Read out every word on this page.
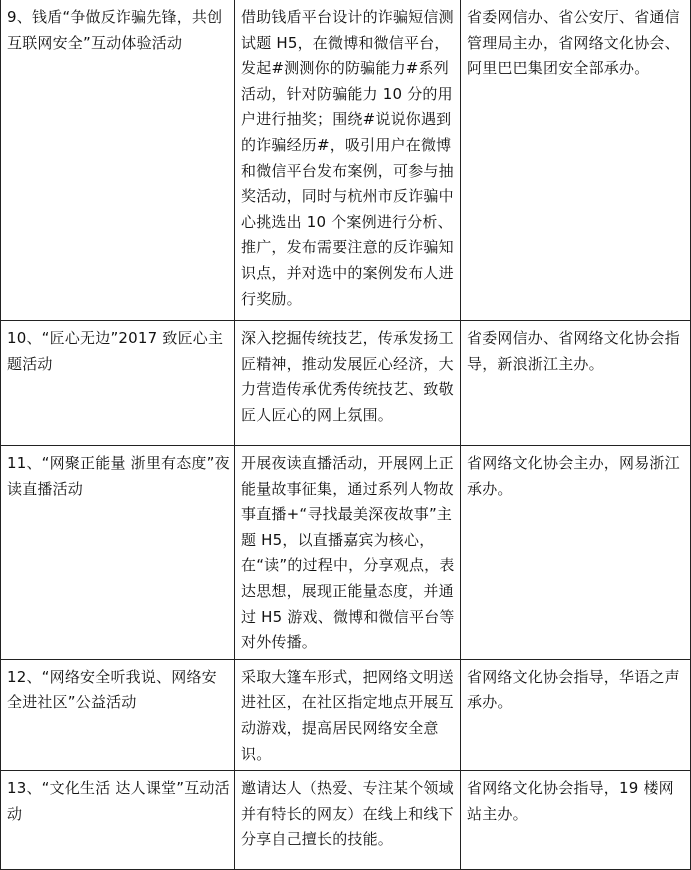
9、钱盾“争做反诈骗先锋，共创互联网安全”互动体验活动	借助钱盾平台设计的诈骗短信测试题 H5，在微博和微信平台，发起#测测你的防骗能力#系列活动，针对防骗能力 10 分的用户进行抽奖；围绕#说说你遇到的诈骗经历#，吸引用户在微博和微信平台发布案例，可参与抽奖活动，同时与杭州市反诈骗中心挑选出 10 个案例进行分析、推广，发布需要注意的反诈骗知识点，并对选中的案例发布人进行奖励。	省委网信办、省公安厅、省通信管理局主办，省网络文化协会、阿里巴巴集团安全部承办。
10、“匠心无边”2017 致匠心主题活动	深入挖掘传统技艺，传承发扬工匠精神，推动发展匠心经济，大力营造传承优秀传统技艺、致敬匠人匠心的网上氛围。	省委网信办、省网络文化协会指导，新浪浙江主办。
11、“网聚正能量 浙里有态度”夜读直播活动	开展夜读直播活动，开展网上正能量故事征集，通过系列人物故事直播+“寻找最美深夜故事”主题 H5，以直播嘉宾为核心，在“读”的过程中，分享观点，表达思想，展现正能量态度，并通过 H5 游戏、微博和微信平台等对外传播。	省网络文化协会主办，网易浙江承办。
12、“网络安全听我说、网络安全进社区”公益活动	采取大篷车形式，把网络文明送进社区，在社区指定地点开展互动游戏，提高居民网络安全意识。	省网络文化协会指导，华语之声承办。
13、“文化生活 达人课堂”互动活动	邀请达人（热爱、专注某个领域并有特长的网友）在线上和线下分享自己擅长的技能。	省网络文化协会指导，19 楼网站主办。
